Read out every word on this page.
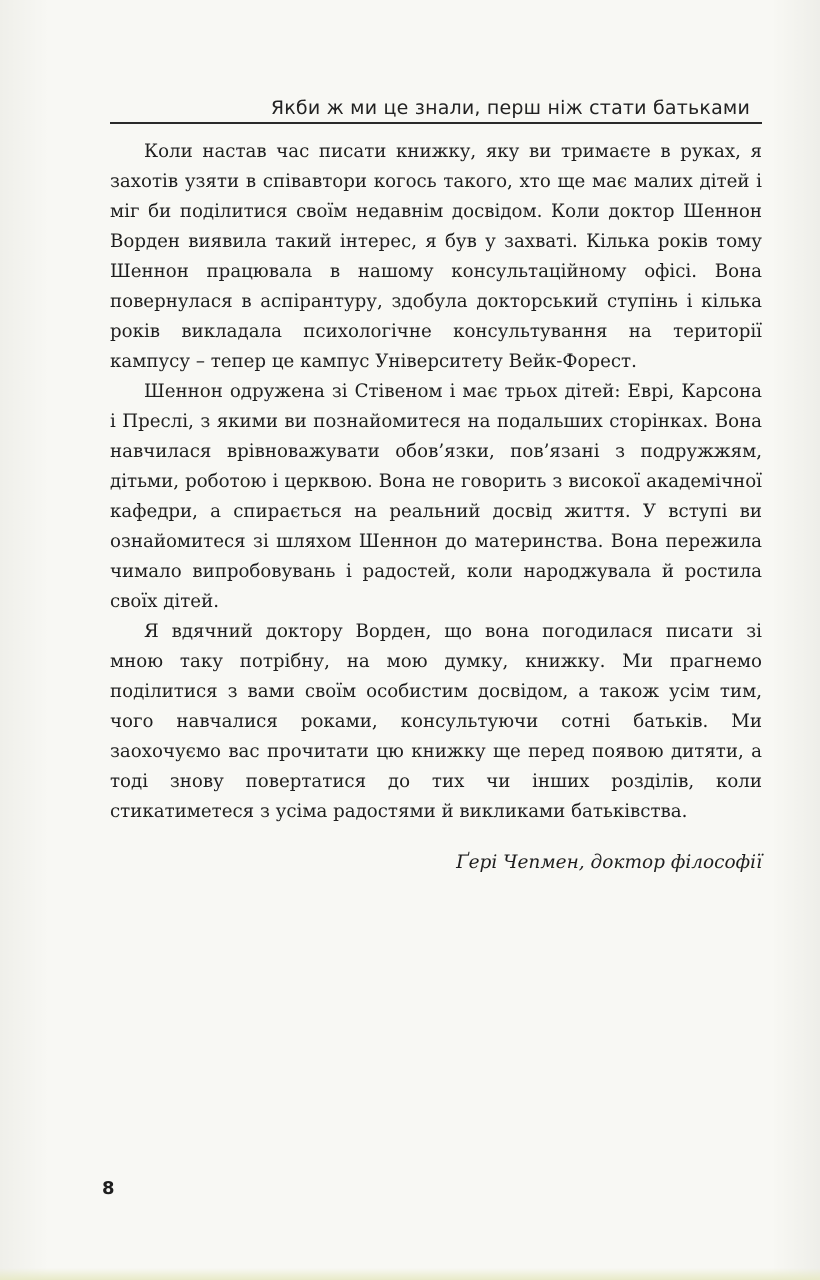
Якби ж ми це знали, перш ніж стати батьками

Коли настав час писати книжку, яку ви тримаєте в руках, я захотів узяти в співавтори когось такого, хто ще має малих дітей і міг би поділитися своїм недавнім досвідом. Коли доктор Шеннон Ворден виявила такий інтерес, я був у захваті. Кілька років тому Шеннон працювала в нашому консультаційному офісі. Вона повернулася в аспірантуру, здобула докторський ступінь і кілька років викладала психологічне консультування на території кампусу – тепер це кампус Університету Вейк-Форест.

Шеннон одружена зі Стівеном і має трьох дітей: Еврі, Карсона і Преслі, з якими ви познайомитеся на подальших сторінках. Вона навчилася врівноважувати обов’язки, пов’язані з подружжям, дітьми, роботою і церквою. Вона не говорить з високої академічної кафедри, а спирається на реальний досвід життя. У вступі ви ознайомитеся зі шляхом Шеннон до материнства. Вона пережила чимало випробовувань і радостей, коли народжувала й ростила своїх дітей.

Я вдячний доктору Ворден, що вона погодилася писати зі мною таку потрібну, на мою думку, книжку. Ми прагнемо поділитися з вами своїм особистим досвідом, а також усім тим, чого навчалися роками, консультуючи сотні батьків. Ми заохочуємо вас прочитати цю книжку ще перед появою дитяти, а тоді знову повертатися до тих чи інших розділів, коли стикатиметеся з усіма радостями й викликами батьківства.

Ґері Чепмен, доктор філософії
8
